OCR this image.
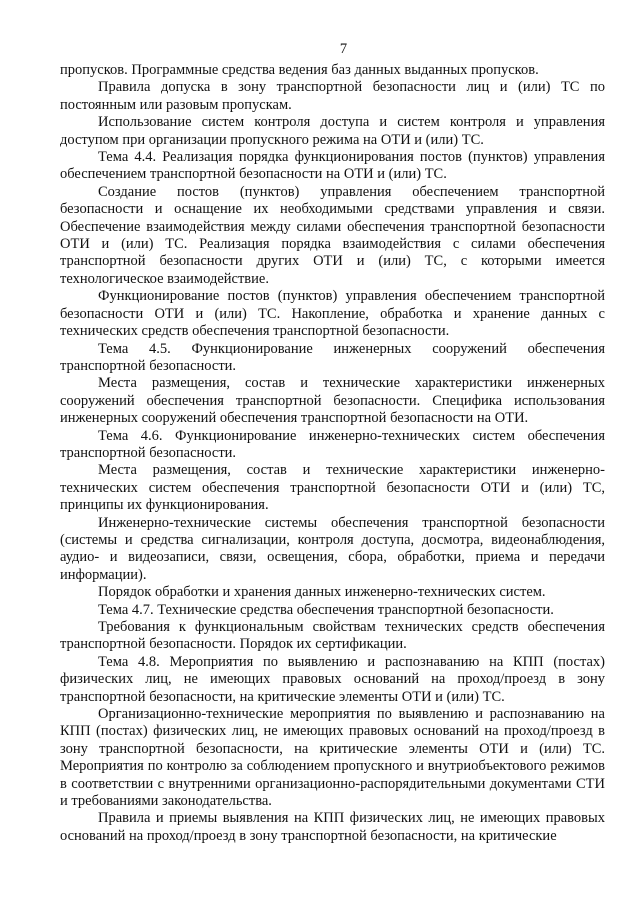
7

пропусков. Программные средства ведения баз данных выданных пропусков.

Правила допуска в зону транспортной безопасности лиц и (или) ТС по постоянным или разовым пропускам.

Использование систем контроля доступа и систем контроля и управления доступом при организации пропускного режима на ОТИ и (или) ТС.

Тема 4.4. Реализация порядка функционирования постов (пунктов) управления обеспечением транспортной безопасности на ОТИ и (или) ТС.

Создание постов (пунктов) управления обеспечением транспортной безопасности и оснащение их необходимыми средствами управления и связи. Обеспечение взаимодействия между силами обеспечения транспортной безопасности ОТИ и (или) ТС. Реализация порядка взаимодействия с силами обеспечения транспортной безопасности других ОТИ и (или) ТС, с которыми имеется технологическое взаимодействие.

Функционирование постов (пунктов) управления обеспечением транспортной безопасности ОТИ и (или) ТС. Накопление, обработка и хранение данных с технических средств обеспечения транспортной безопасности.

Тема 4.5. Функционирование инженерных сооружений обеспечения транспортной безопасности.

Места размещения, состав и технические характеристики инженерных сооружений обеспечения транспортной безопасности. Специфика использования инженерных сооружений обеспечения транспортной безопасности на ОТИ.

Тема 4.6. Функционирование инженерно-технических систем обеспечения транспортной безопасности.

Места размещения, состав и технические характеристики инженерно-технических систем обеспечения транспортной безопасности ОТИ и (или) ТС, принципы их функционирования.

Инженерно-технические системы обеспечения транспортной безопасности (системы и средства сигнализации, контроля доступа, досмотра, видеонаблюдения, аудио- и видеозаписи, связи, освещения, сбора, обработки, приема и передачи информации).

Порядок обработки и хранения данных инженерно-технических систем.

Тема 4.7. Технические средства обеспечения транспортной безопасности.

Требования к функциональным свойствам технических средств обеспечения транспортной безопасности. Порядок их сертификации.

Тема 4.8. Мероприятия по выявлению и распознаванию на КПП (постах) физических лиц, не имеющих правовых оснований на проход/проезд в зону транспортной безопасности, на критические элементы ОТИ и (или) ТС.

Организационно-технические мероприятия по выявлению и распознаванию на КПП (постах) физических лиц, не имеющих правовых оснований на проход/проезд в зону транспортной безопасности, на критические элементы ОТИ и (или) ТС. Мероприятия по контролю за соблюдением пропускного и внутриобъектового режимов в соответствии с внутренними организационно-распорядительными документами СТИ и требованиями законодательства.

Правила и приемы выявления на КПП физических лиц, не имеющих правовых оснований на проход/проезд в зону транспортной безопасности, на критические
